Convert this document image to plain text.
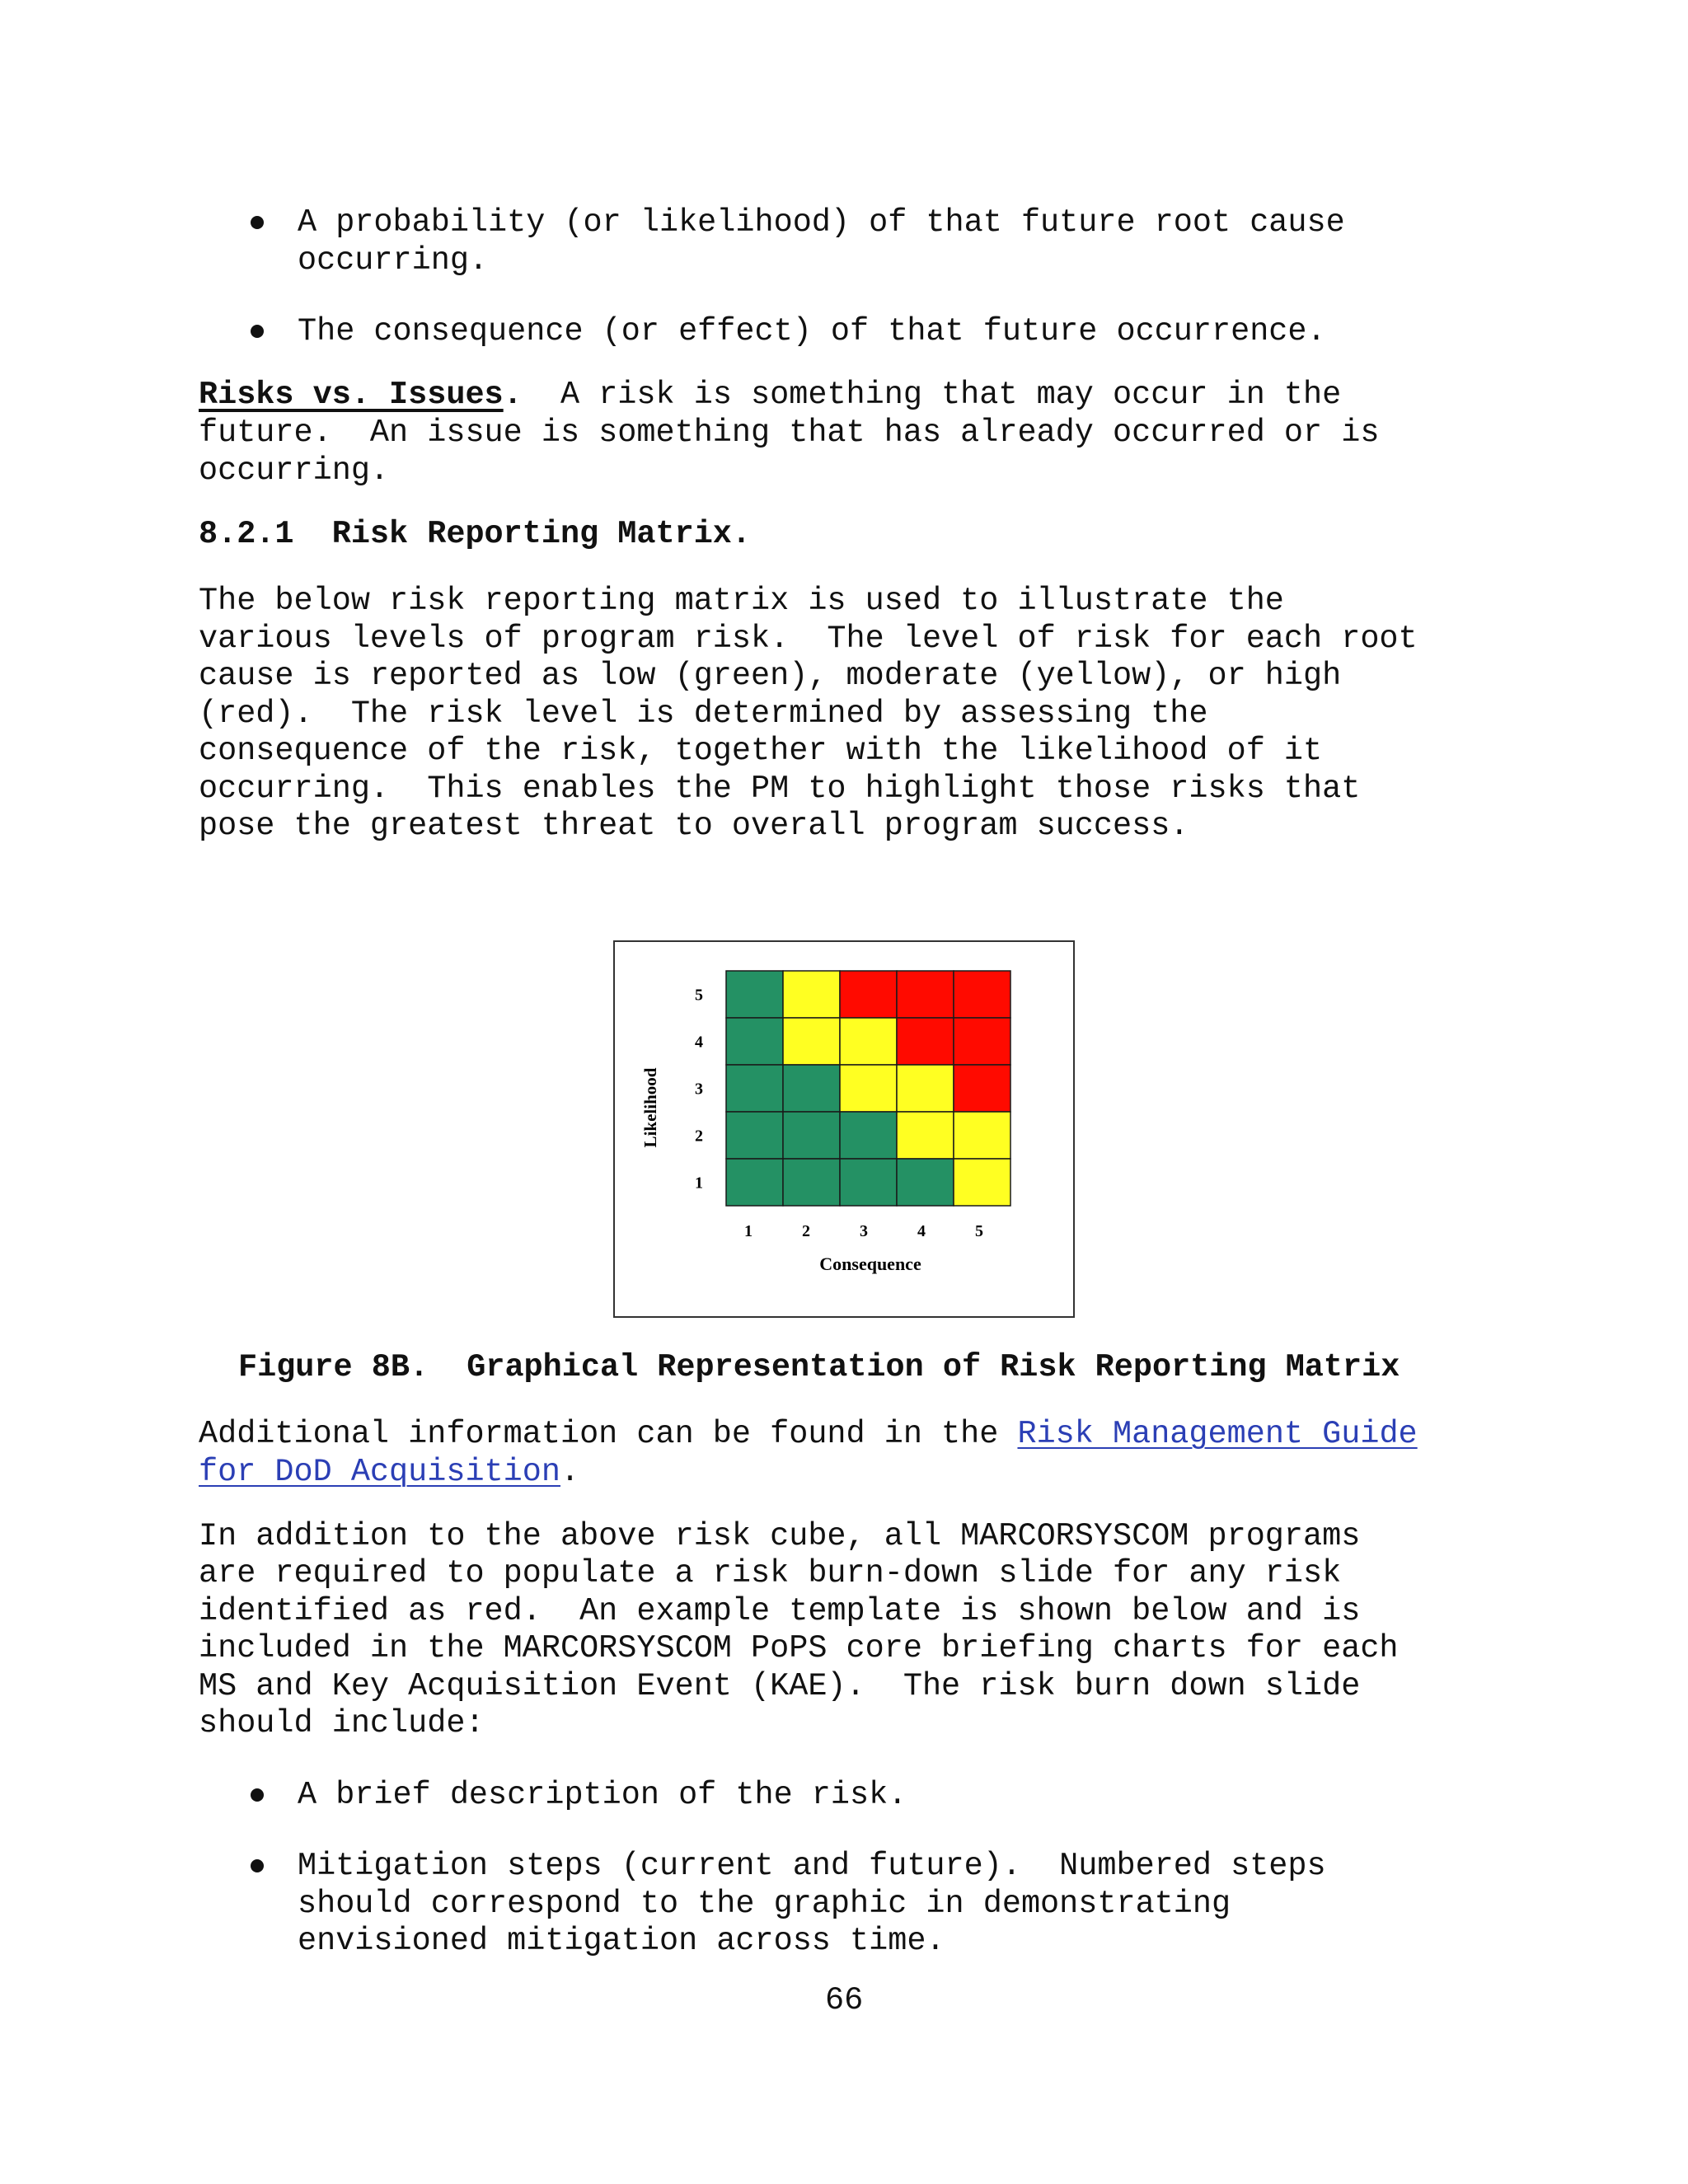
A probability (or likelihood) of that future root cause
occurring.
The consequence (or effect) of that future occurrence.
Risks vs. Issues.  A risk is something that may occur in the
future.  An issue is something that has already occurred or is
occurring.
8.2.1  Risk Reporting Matrix.
The below risk reporting matrix is used to illustrate the
various levels of program risk.  The level of risk for each root
cause is reported as low (green), moderate (yellow), or high
(red).  The risk level is determined by assessing the
consequence of the risk, together with the likelihood of it
occurring.  This enables the PM to highlight those risks that
pose the greatest threat to overall program success.
5
4
3
2
1
1	2	3	4	5
Likelihood
Consequence
Figure 8B.  Graphical Representation of Risk Reporting Matrix
Additional information can be found in the Risk Management Guide
for DoD Acquisition.
In addition to the above risk cube, all MARCORSYSCOM programs
are required to populate a risk burn-down slide for any risk
identified as red.  An example template is shown below and is
included in the MARCORSYSCOM PoPS core briefing charts for each
MS and Key Acquisition Event (KAE).  The risk burn down slide
should include:
A brief description of the risk.
Mitigation steps (current and future).  Numbered steps
should correspond to the graphic in demonstrating
envisioned mitigation across time.
66
